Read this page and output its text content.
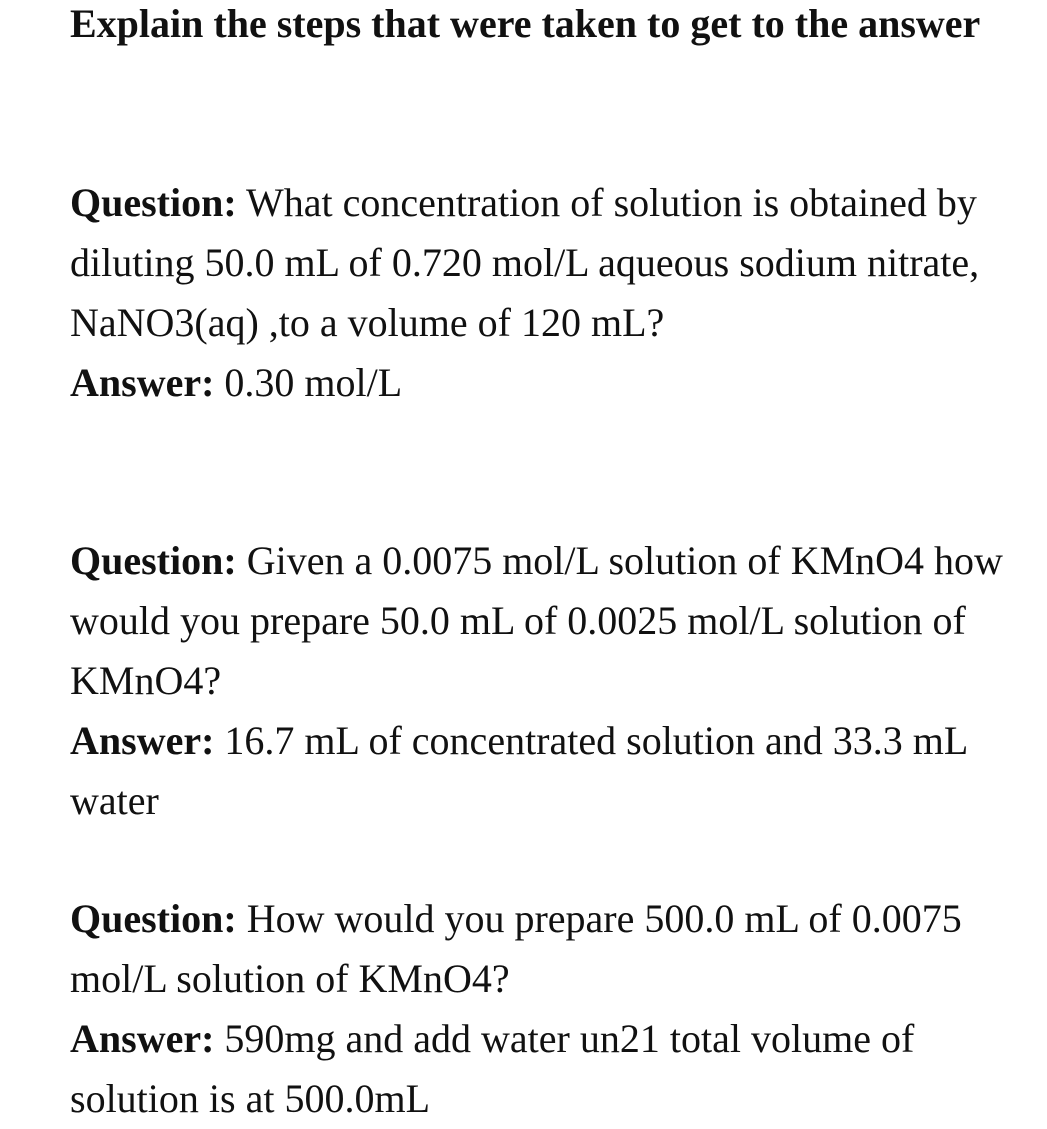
Explain the steps that were taken to get to the answer

Question: What concentration of solution is obtained by diluting 50.0 mL of 0.720 mol/L aqueous sodium nitrate, NaNO3(aq) ,to a volume of 120 mL?

Answer: 0.30 mol/L

Question: Given a 0.0075 mol/L solution of KMnO4 how would you prepare 50.0 mL of 0.0025 mol/L solution of KMnO4?

Answer: 16.7 mL of concentrated solution and 33.3 mL water

Question: How would you prepare 500.0 mL of 0.0075 mol/L solution of KMnO4?

Answer: 590mg and add water un21 total volume of solution is at 500.0mL
